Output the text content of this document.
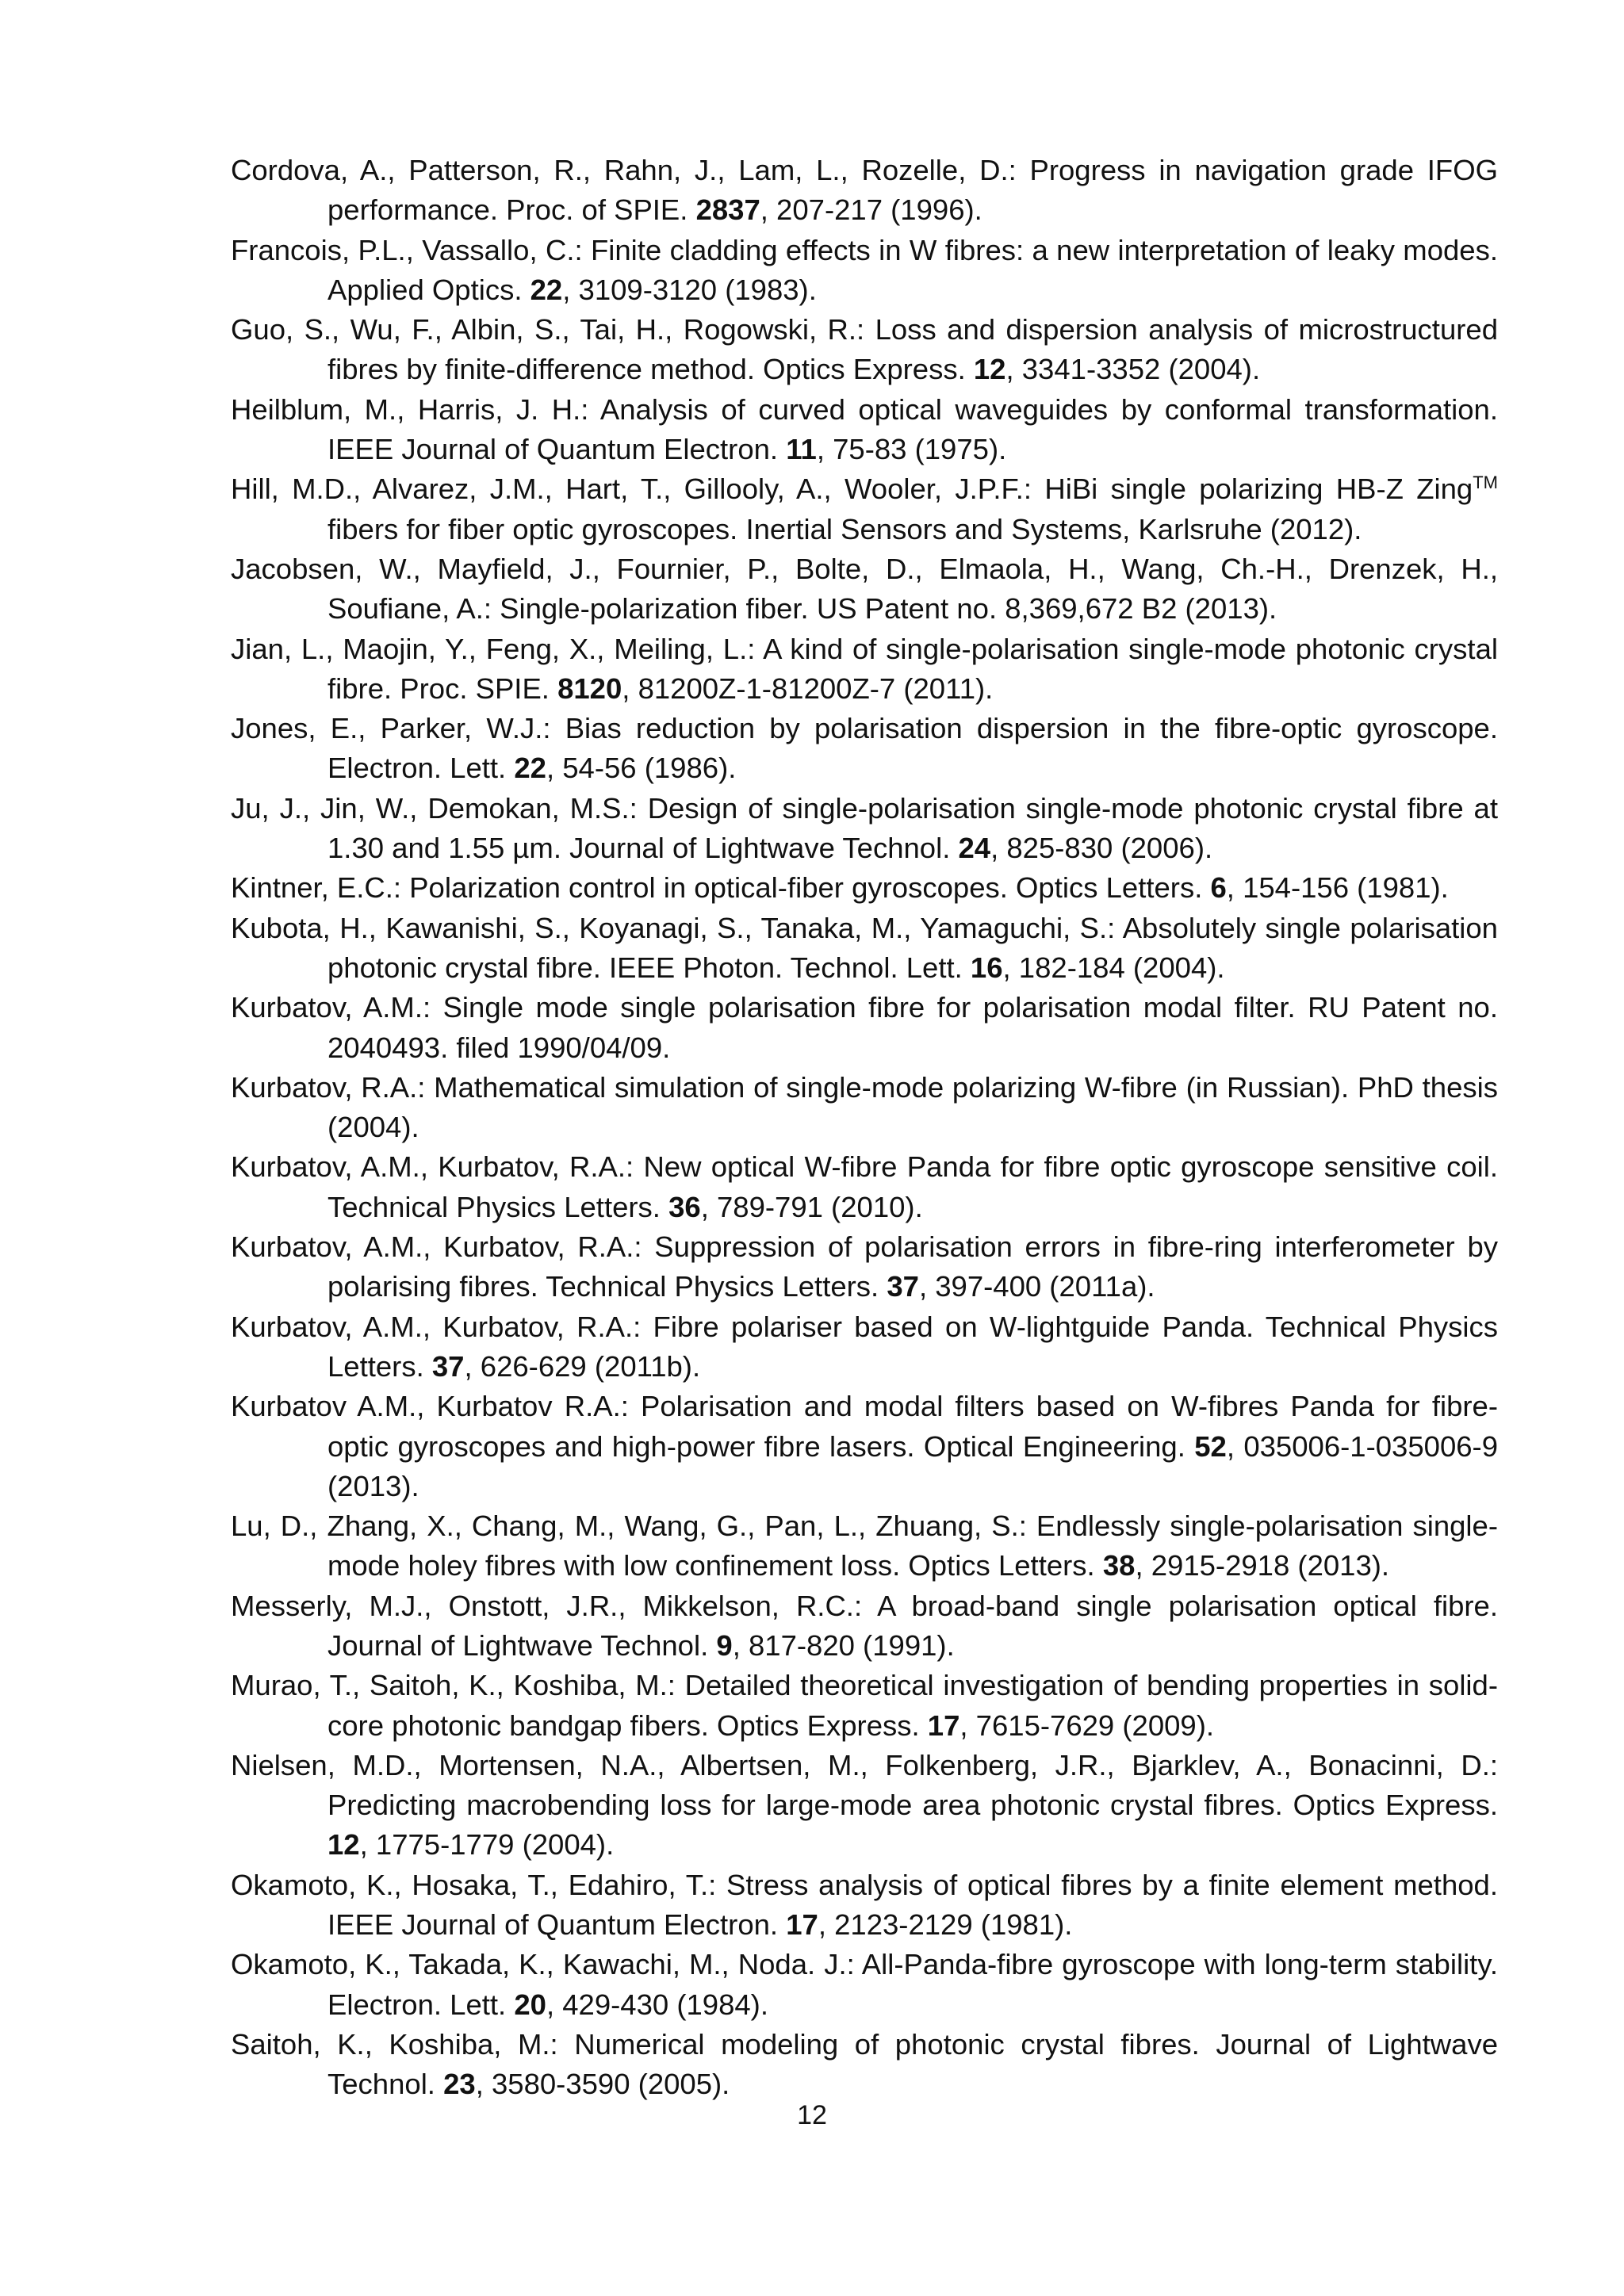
Cordova, A., Patterson, R., Rahn, J., Lam, L., Rozelle, D.: Progress in navigation grade IFOG performance. Proc. of SPIE. 2837, 207-217 (1996).
Francois, P.L., Vassallo, C.: Finite cladding effects in W fibres: a new interpretation of leaky modes. Applied Optics. 22, 3109-3120 (1983).
Guo, S., Wu, F., Albin, S., Tai, H., Rogowski, R.: Loss and dispersion analysis of microstructured fibres by finite-difference method. Optics Express. 12, 3341-3352 (2004).
Heilblum, M., Harris, J. H.: Analysis of curved optical waveguides by conformal transformation. IEEE Journal of Quantum Electron. 11, 75-83 (1975).
Hill, M.D., Alvarez, J.M., Hart, T., Gillooly, A., Wooler, J.P.F.: HiBi single polarizing HB-Z Zing™ fibers for fiber optic gyroscopes. Inertial Sensors and Systems, Karlsruhe (2012).
Jacobsen, W., Mayfield, J., Fournier, P., Bolte, D., Elmaola, H., Wang, Ch.-H., Drenzek, H., Soufiane, A.: Single-polarization fiber. US Patent no. 8,369,672 B2 (2013).
Jian, L., Maojin, Y., Feng, X., Meiling, L.: A kind of single-polarisation single-mode photonic crystal fibre. Proc. SPIE. 8120, 81200Z-1-81200Z-7 (2011).
Jones, E., Parker, W.J.: Bias reduction by polarisation dispersion in the fibre-optic gyroscope. Electron. Lett. 22, 54-56 (1986).
Ju, J., Jin, W., Demokan, M.S.: Design of single-polarisation single-mode photonic crystal fibre at 1.30 and 1.55 µm. Journal of Lightwave Technol. 24, 825-830 (2006).
Kintner, E.C.: Polarization control in optical-fiber gyroscopes. Optics Letters. 6, 154-156 (1981).
Kubota, H., Kawanishi, S., Koyanagi, S., Tanaka, M., Yamaguchi, S.: Absolutely single polarisation photonic crystal fibre. IEEE Photon. Technol. Lett. 16, 182-184 (2004).
Kurbatov, A.M.: Single mode single polarisation fibre for polarisation modal filter. RU Patent no. 2040493. filed 1990/04/09.
Kurbatov, R.A.: Mathematical simulation of single-mode polarizing W-fibre (in Russian). PhD thesis (2004).
Kurbatov, A.M., Kurbatov, R.A.: New optical W-fibre Panda for fibre optic gyroscope sensitive coil. Technical Physics Letters. 36, 789-791 (2010).
Kurbatov, A.M., Kurbatov, R.A.: Suppression of polarisation errors in fibre-ring interferometer by polarising fibres. Technical Physics Letters. 37, 397-400 (2011a).
Kurbatov, A.M., Kurbatov, R.A.: Fibre polariser based on W-lightguide Panda. Technical Physics Letters. 37, 626-629 (2011b).
Kurbatov A.M., Kurbatov R.A.: Polarisation and modal filters based on W-fibres Panda for fibre-optic gyroscopes and high-power fibre lasers. Optical Engineering. 52, 035006-1-035006-9 (2013).
Lu, D., Zhang, X., Chang, M., Wang, G., Pan, L., Zhuang, S.: Endlessly single-polarisation single-mode holey fibres with low confinement loss. Optics Letters. 38, 2915-2918 (2013).
Messerly, M.J., Onstott, J.R., Mikkelson, R.C.: A broad-band single polarisation optical fibre. Journal of Lightwave Technol. 9, 817-820 (1991).
Murao, T., Saitoh, K., Koshiba, M.: Detailed theoretical investigation of bending properties in solid-core photonic bandgap fibers. Optics Express. 17, 7615-7629 (2009).
Nielsen, M.D., Mortensen, N.A., Albertsen, M., Folkenberg, J.R., Bjarklev, A., Bonacinni, D.: Predicting macrobending loss for large-mode area photonic crystal fibres. Optics Express. 12, 1775-1779 (2004).
Okamoto, K., Hosaka, T., Edahiro, T.: Stress analysis of optical fibres by a finite element method. IEEE Journal of Quantum Electron. 17, 2123-2129 (1981).
Okamoto, K., Takada, K., Kawachi, M., Noda. J.: All-Panda-fibre gyroscope with long-term stability. Electron. Lett. 20, 429-430 (1984).
Saitoh, K., Koshiba, M.: Numerical modeling of photonic crystal fibres. Journal of Lightwave Technol. 23, 3580-3590 (2005).
12
